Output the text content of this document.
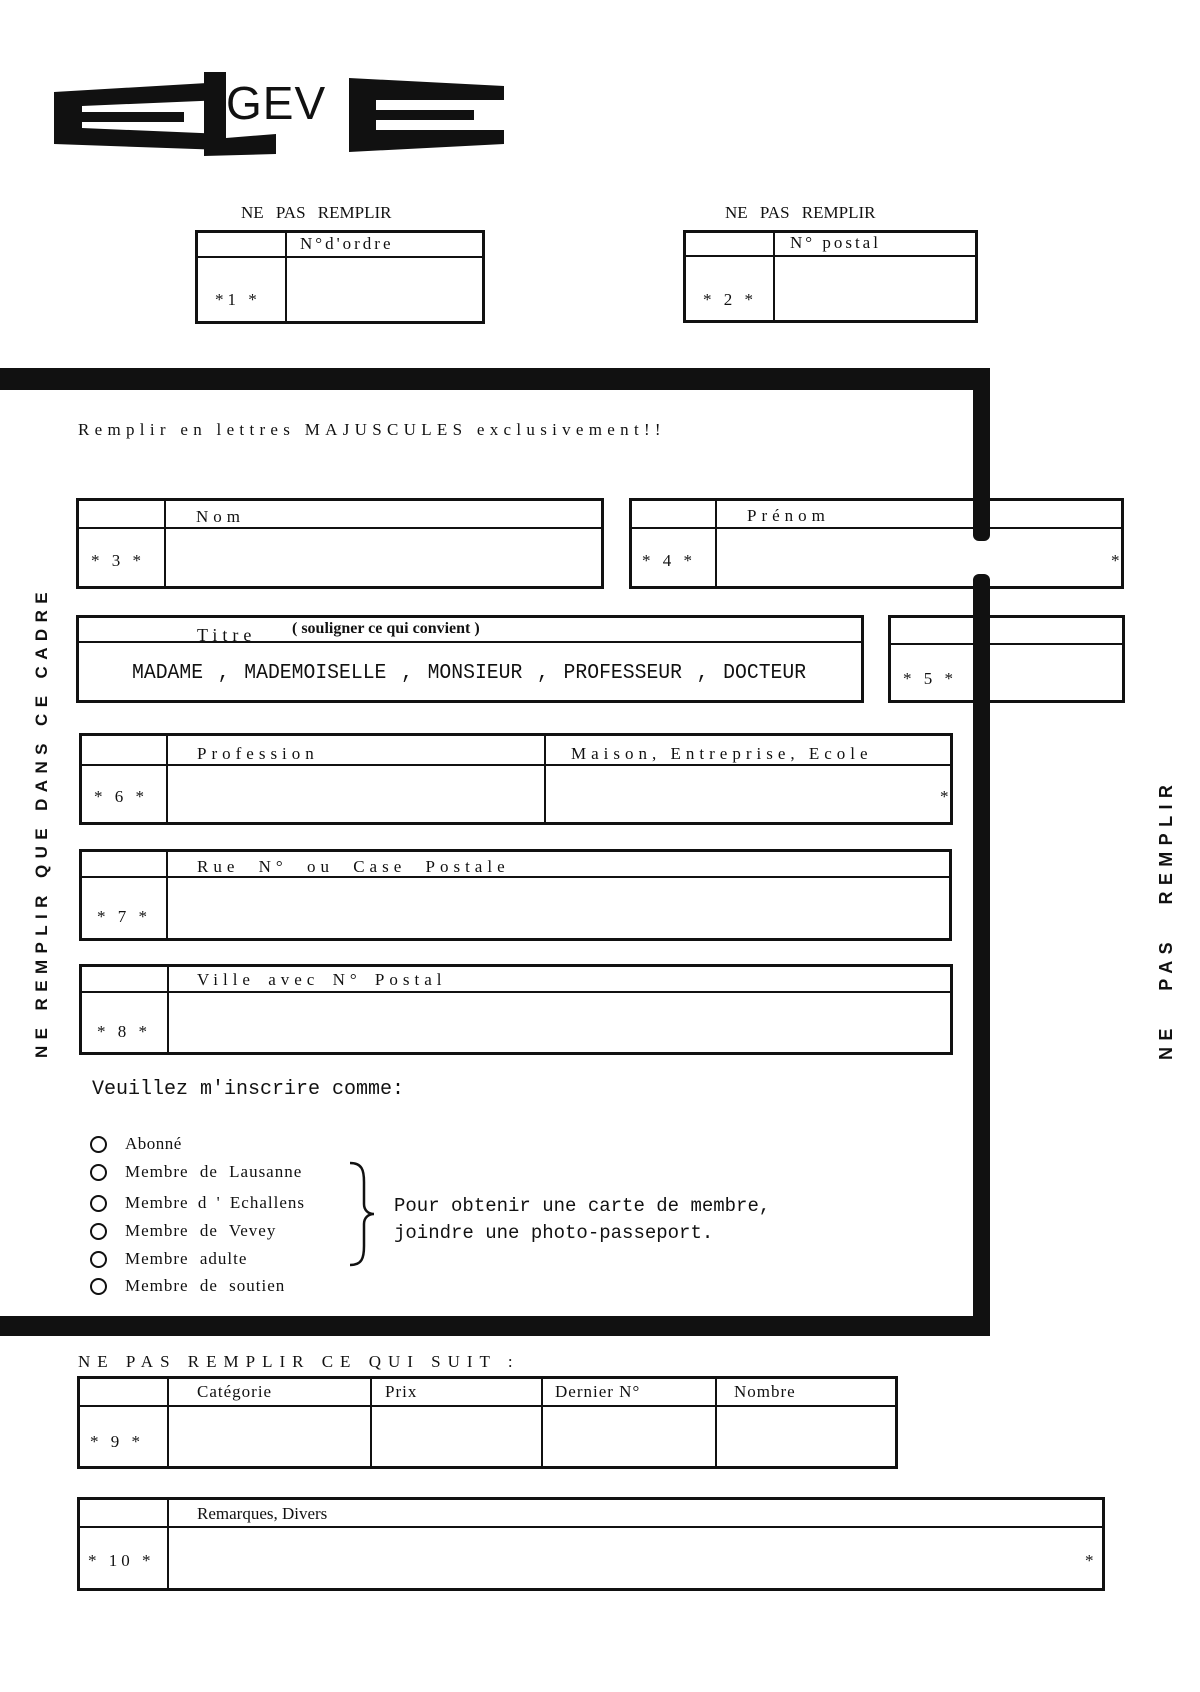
GEV
NE PAS REMPLIR
N°d'ordre
*1 *
NE PAS REMPLIR
N° postal
* 2 *
Remplir en lettres MAJUSCULES exclusivement!!
NE REMPLIR QUE DANS CE CADRE	NE PAS REMPLIR
Nom
* 3 *
Prénom
* 4 *	*
Titre ( souligner ce qui convient )
MADAME , MADEMOISELLE , MONSIEUR , PROFESSEUR , DOCTEUR	* 5 *
Profession	Maison, Entreprise, Ecole
* 6 *	*
Rue N° ou Case Postale
* 7 *
Ville avec N° Postal
* 8 *
Veuillez m'inscrire comme:
Abonné
Membre de Lausanne
Membre d ' Echallens
Membre de Vevey
Membre adulte
Membre de soutien
Pour obtenir une carte de membre,
joindre une photo-passeport.
NE PAS REMPLIR CE QUI SUIT :
Catégorie	Prix	Dernier N°	Nombre
* 9 *
Remarques, Divers
* 10 *	*
